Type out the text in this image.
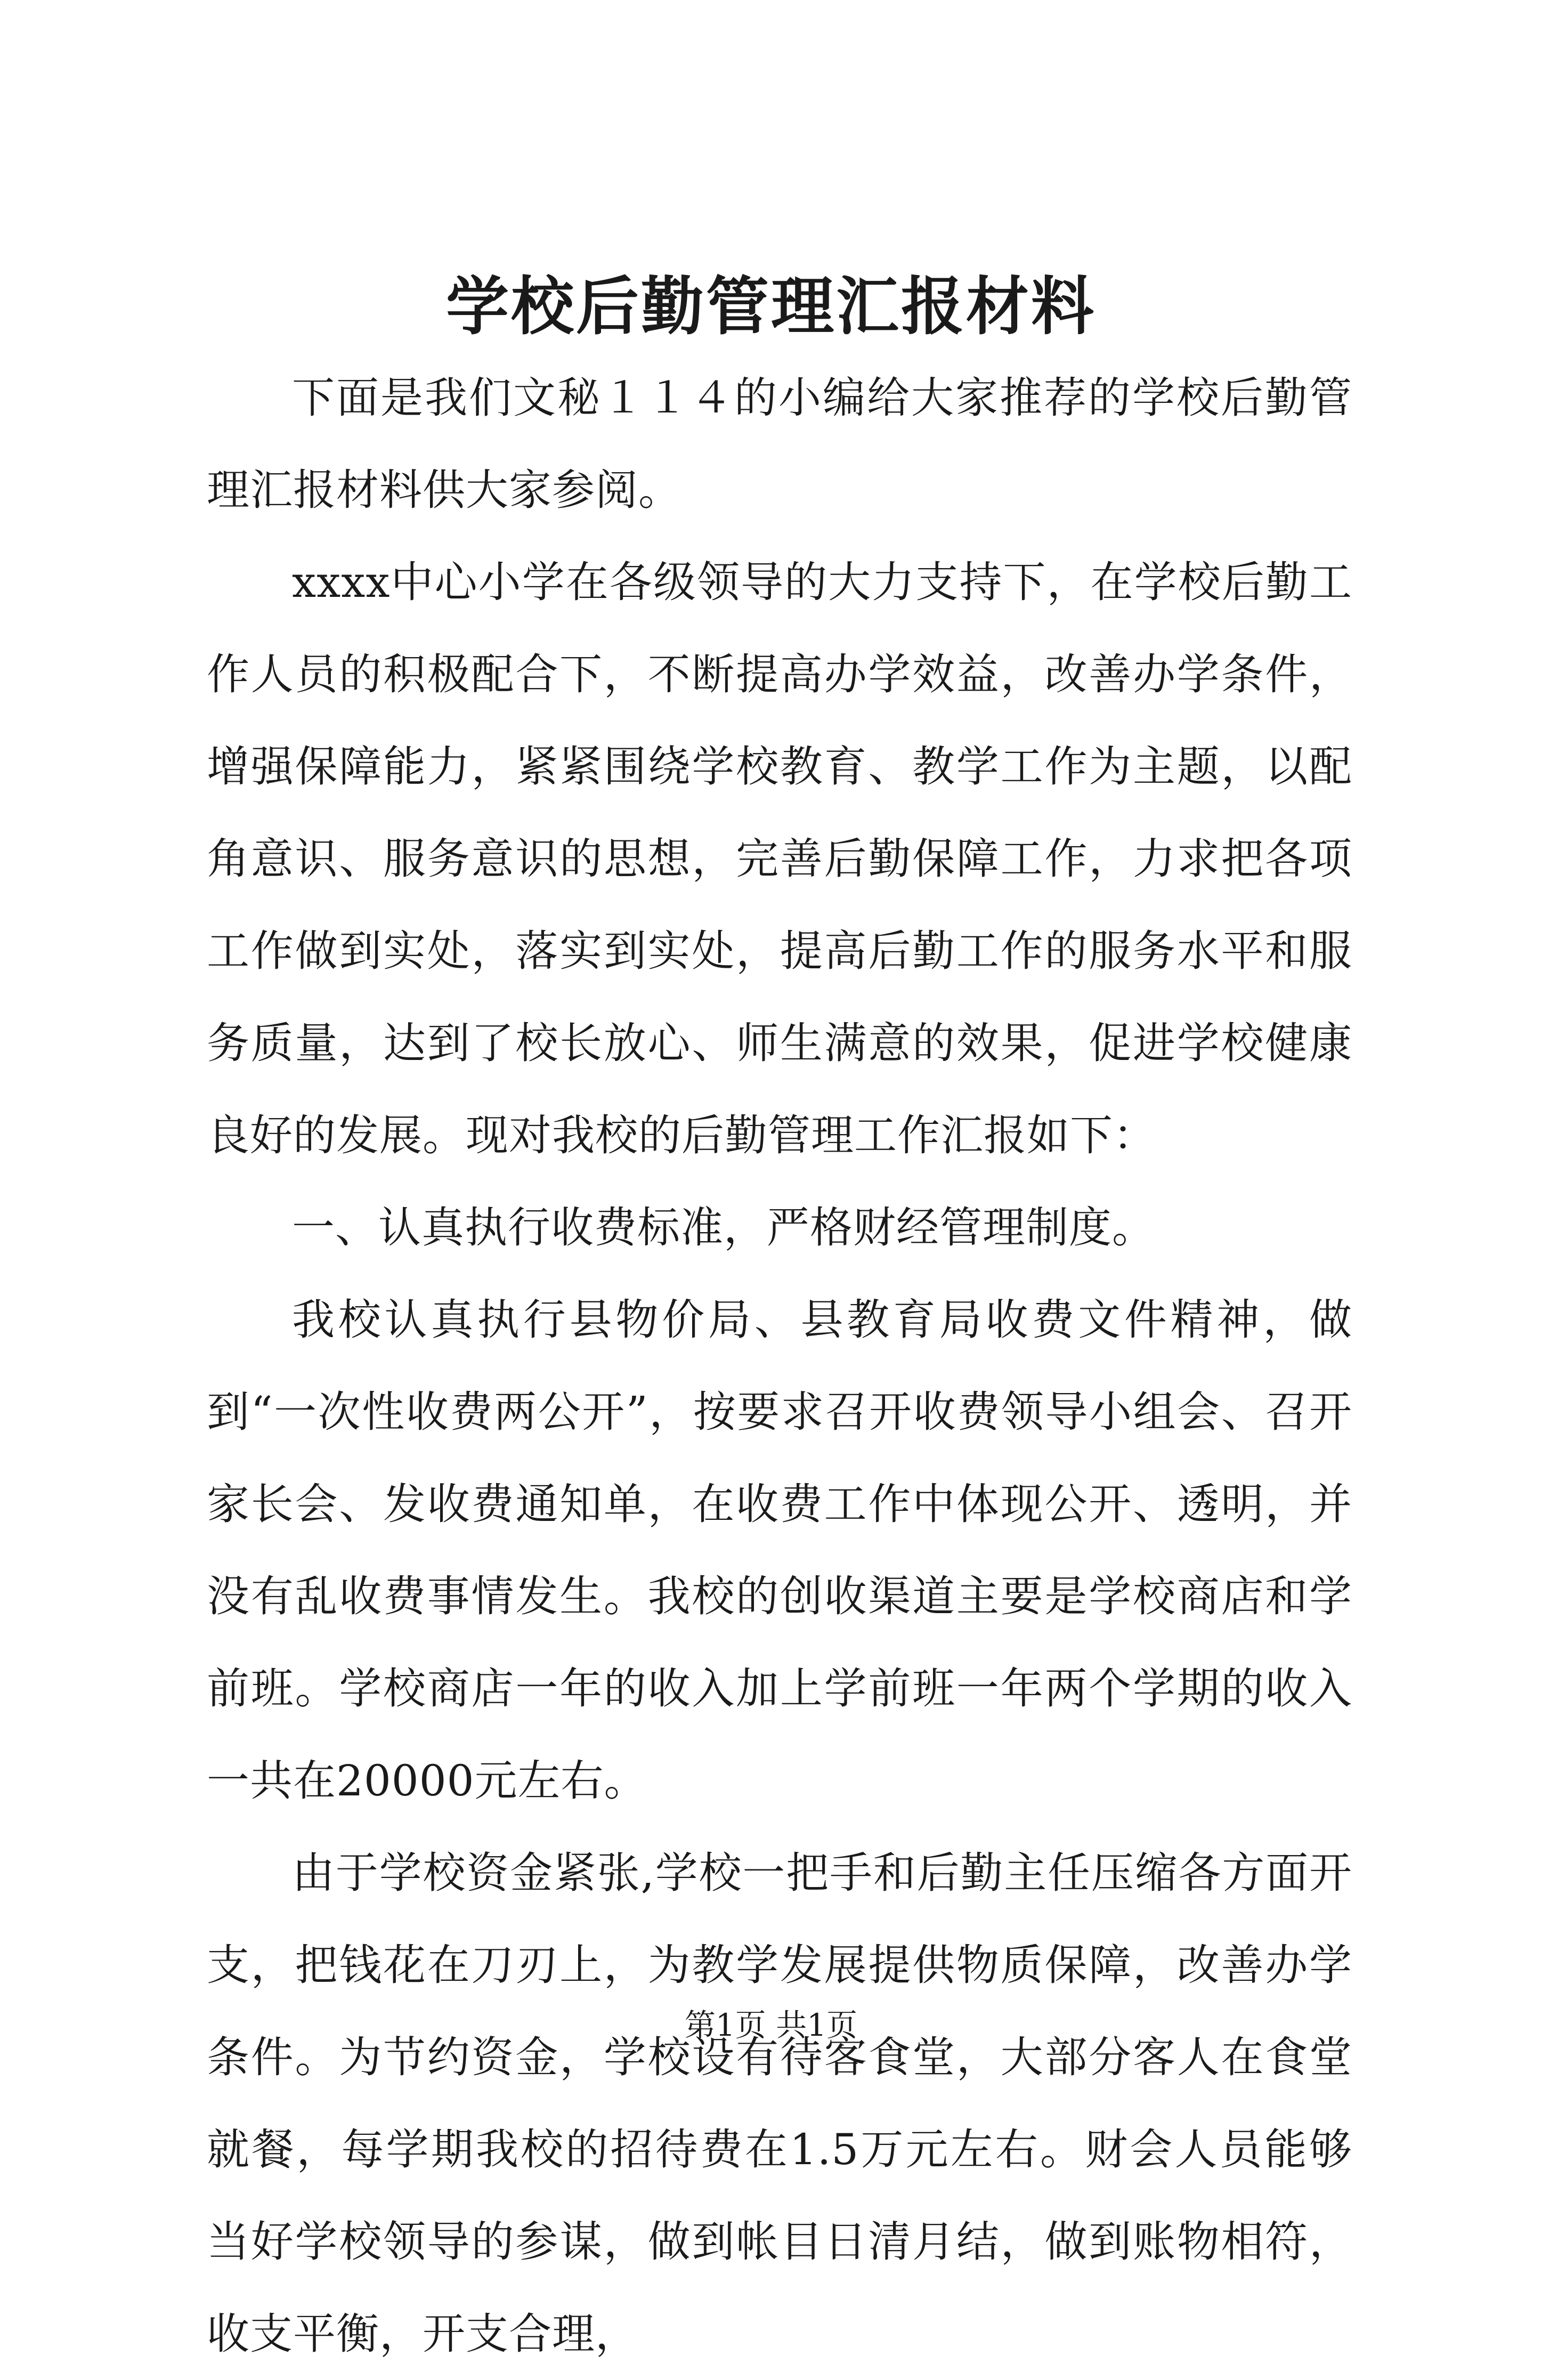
学校后勤管理汇报材料

下面是我们文秘１１４的小编给大家推荐的学校后勤管理汇报材料供大家参阅。

xxxx中心小学在各级领导的大力支持下，在学校后勤工作人员的积极配合下，不断提高办学效益，改善办学条件，增强保障能力，紧紧围绕学校教育、教学工作为主题，以配角意识、服务意识的思想，完善后勤保障工作，力求把各项工作做到实处，落实到实处，提高后勤工作的服务水平和服务质量，达到了校长放心、师生满意的效果，促进学校健康良好的发展。现对我校的后勤管理工作汇报如下：

一、认真执行收费标准，严格财经管理制度。

我校认真执行县物价局、县教育局收费文件精神，做到“一次性收费两公开”，按要求召开收费领导小组会、召开家长会、发收费通知单，在收费工作中体现公开、透明，并没有乱收费事情发生。我校的创收渠道主要是学校商店和学前班。学校商店一年的收入加上学前班一年两个学期的收入一共在20000元左右。

由于学校资金紧张,学校一把手和后勤主任压缩各方面开支，把钱花在刀刃上，为教学发展提供物质保障，改善办学条件。为节约资金，学校设有待客食堂，大部分客人在食堂就餐，每学期我校的招待费在1.5万元左右。财会人员能够当好学校领导的参谋，做到帐目日清月结，做到账物相符，收支平衡，开支合理，

第1页 共1页
